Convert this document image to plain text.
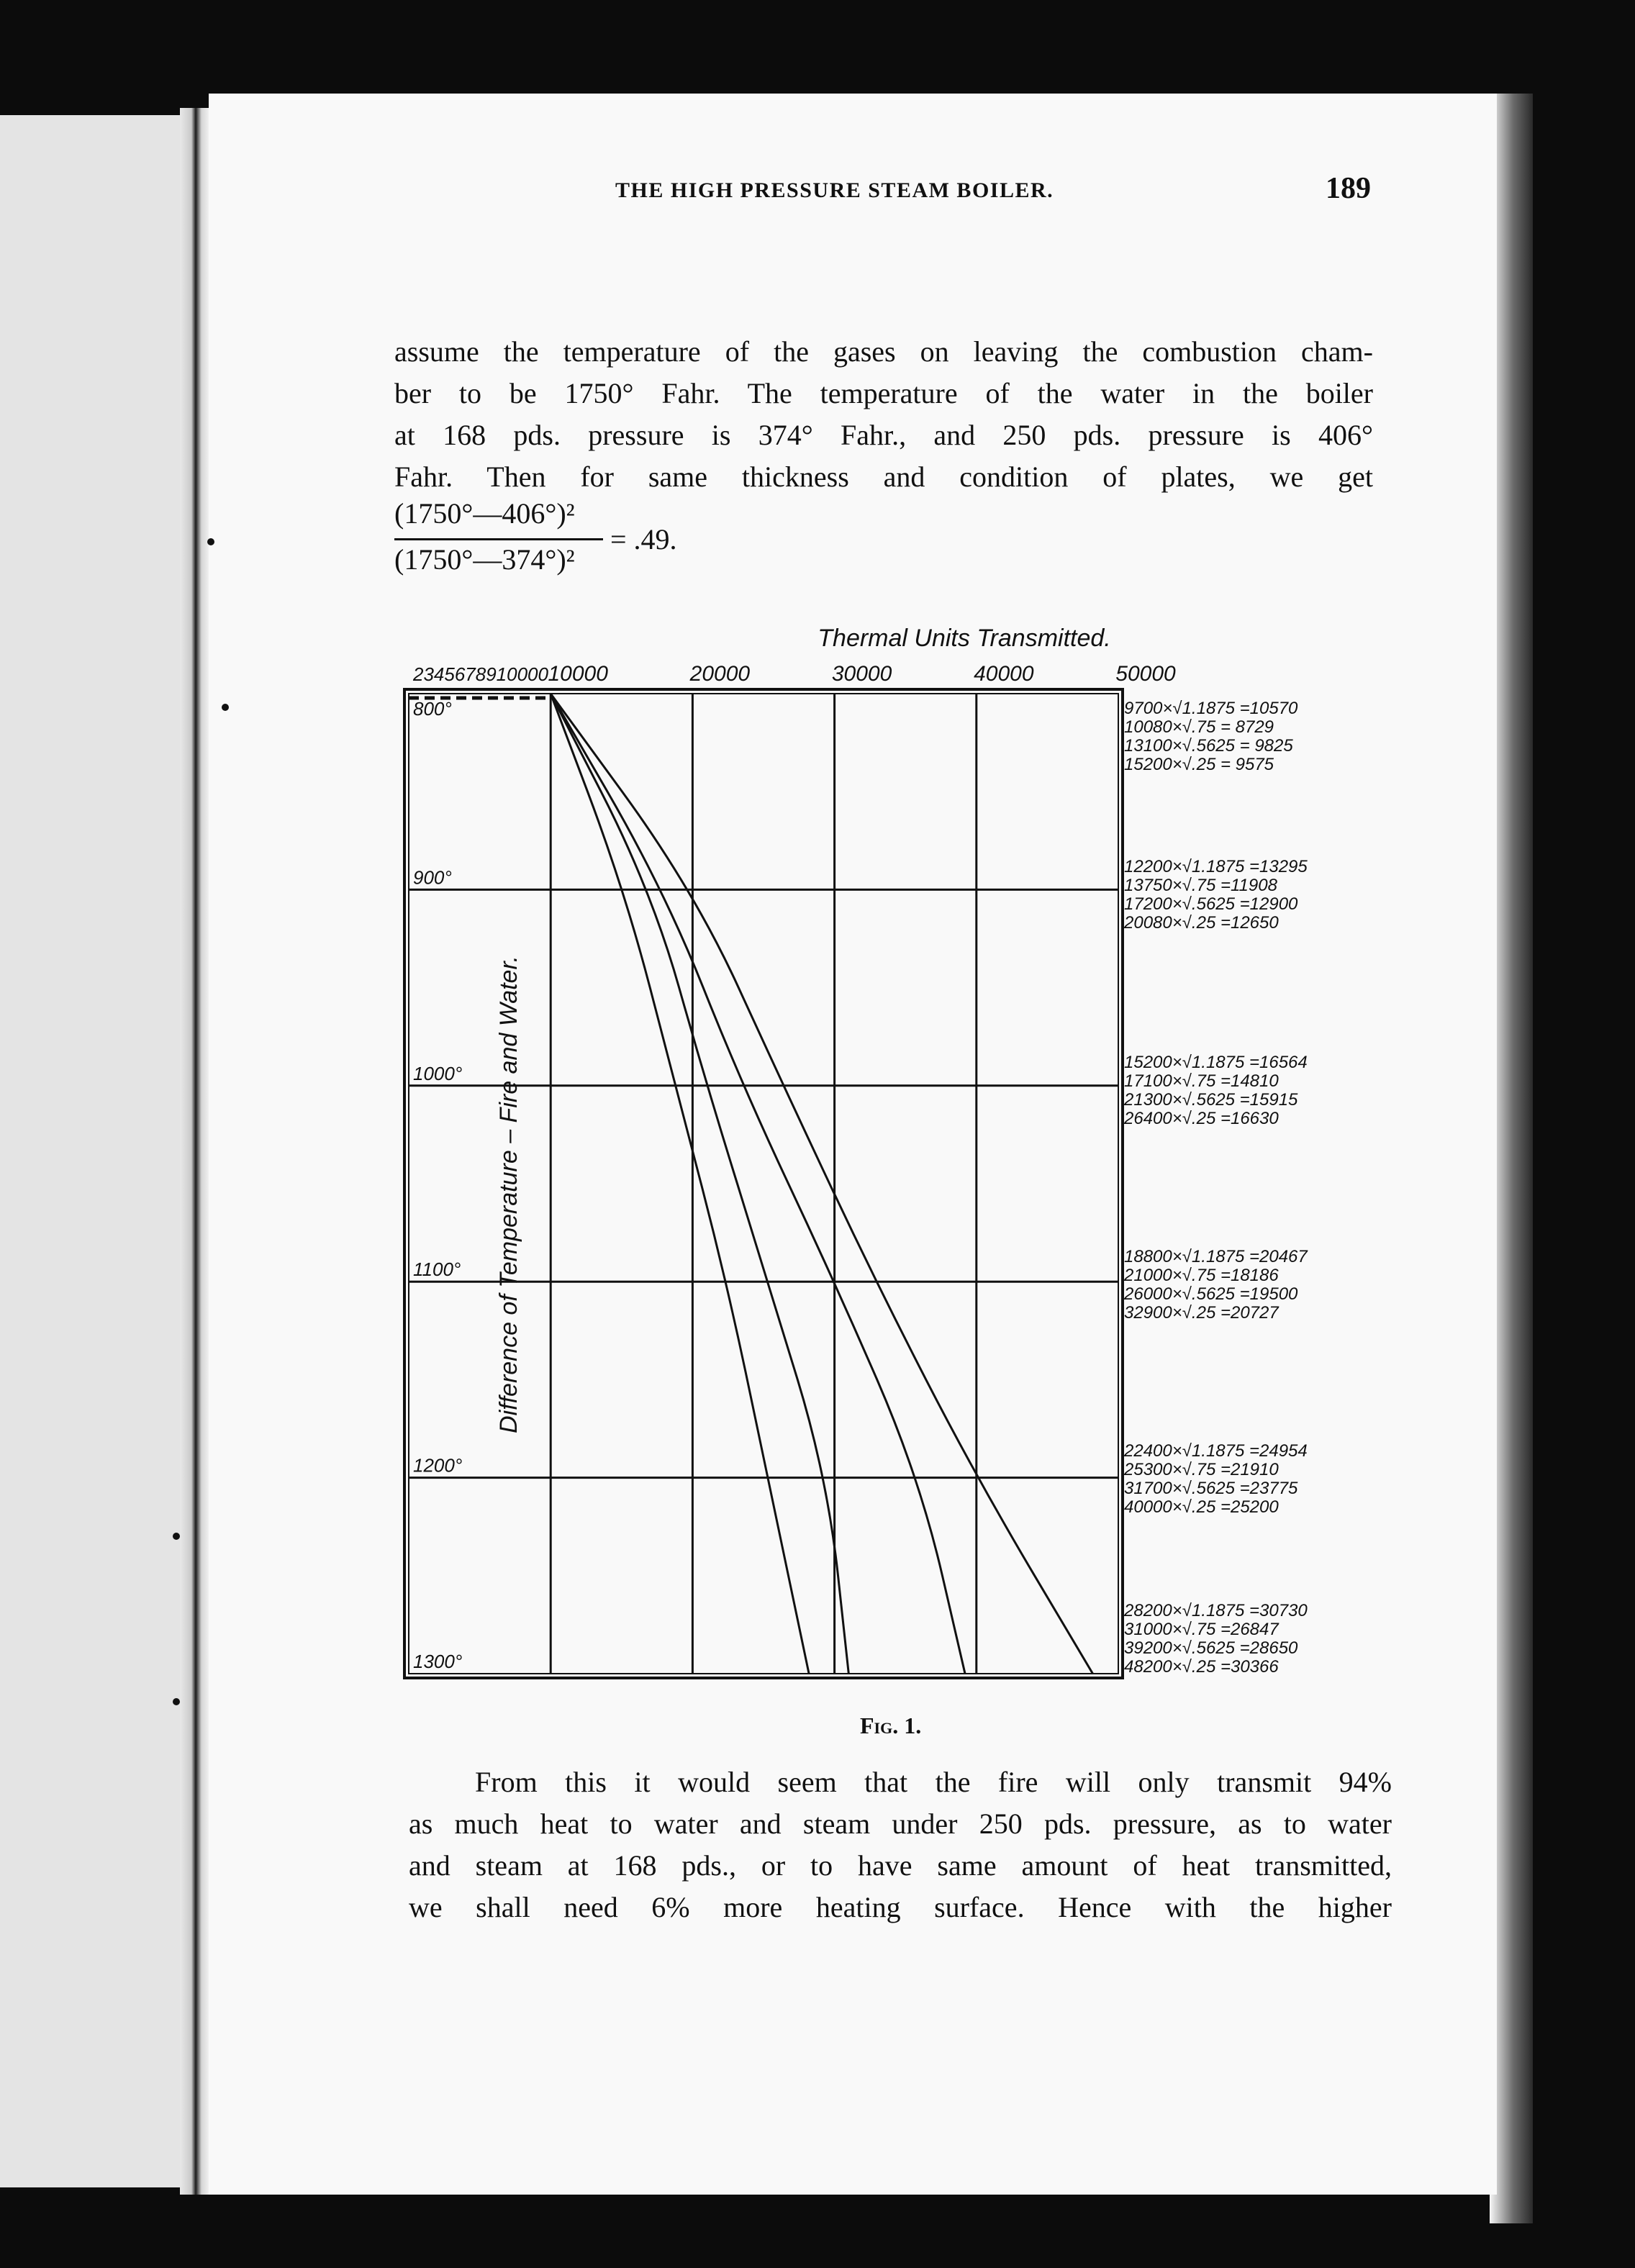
THE HIGH PRESSURE STEAM BOILER.	189

assume the temperature of the gases on leaving the combustion cham-

ber to be 1750° Fahr. The temperature of the water in the boiler

at 168 pds. pressure is 374° Fahr., and 250 pds. pressure is 406°

Fahr. Then for same thickness and condition of plates, we get

(1750°—406°)²
(1750°—374°)²
= .49.
Thermal Units Transmitted.
2345678910000 10000	20000	30000	40000	50000
800°
900°
1000°
1100°
1200°
1300°
Difference of Temperature – Fire and Water.
9700×√1.1875 =10570
10080×√.75 = 8729
13100×√.5625 = 9825
15200×√.25 = 9575
12200×√1.1875 =13295
13750×√.75 =11908
17200×√.5625 =12900
20080×√.25 =12650
15200×√1.1875 =16564
17100×√.75 =14810
21300×√.5625 =15915
26400×√.25 =16630
18800×√1.1875 =20467
21000×√.75 =18186
26000×√.5625 =19500
32900×√.25 =20727
22400×√1.1875 =24954
25300×√.75 =21910
31700×√.5625 =23775
40000×√.25 =25200
28200×√1.1875 =30730
31000×√.75 =26847
39200×√.5625 =28650
48200×√.25 =30366
Fig. 1.

From this it would seem that the fire will only transmit 94%

as much heat to water and steam under 250 pds. pressure, as to water

and steam at 168 pds., or to have same amount of heat transmitted,

we shall need 6% more heating surface. Hence with the higher
